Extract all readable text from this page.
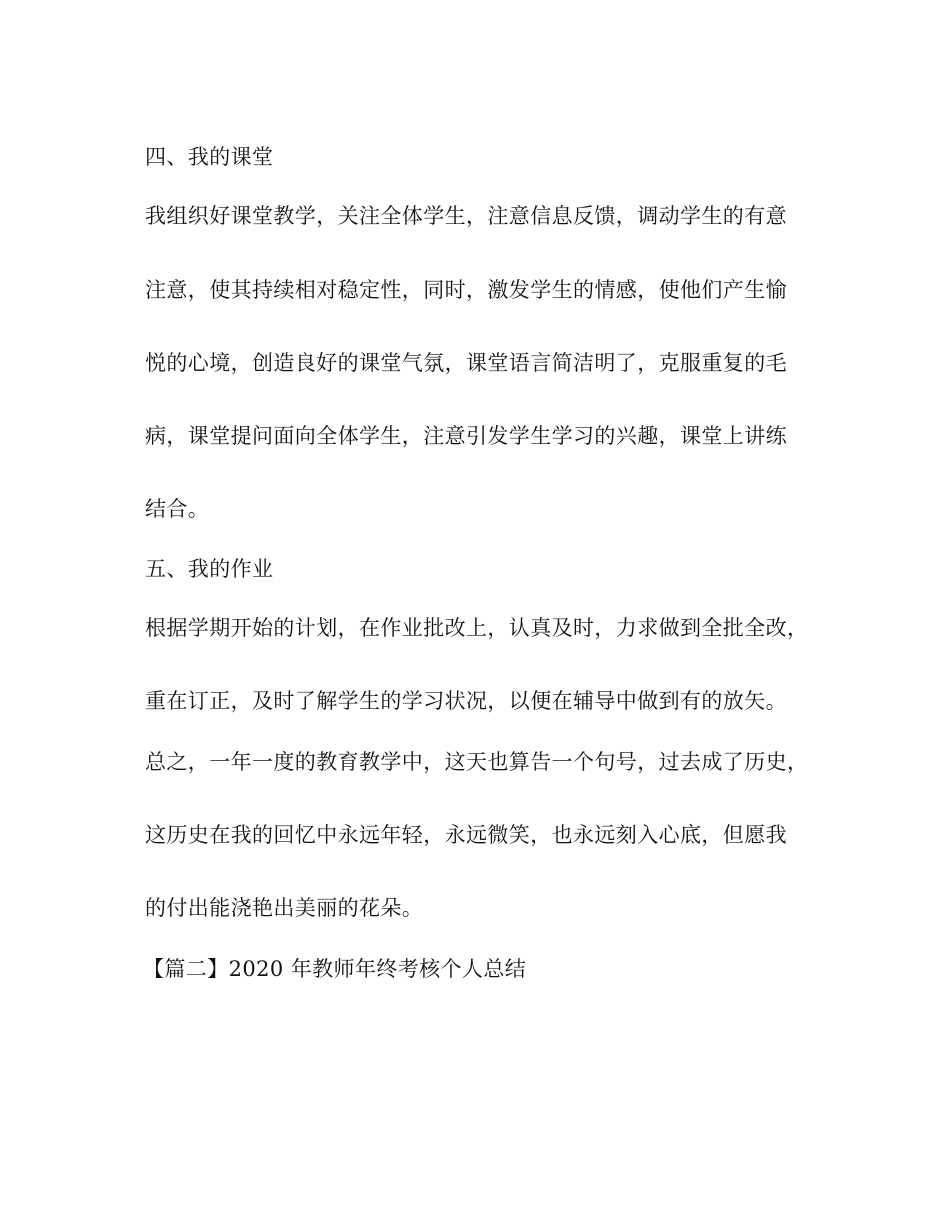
四、我的课堂
我组织好课堂教学，关注全体学生，注意信息反馈，调动学生的有意
注意，使其持续相对稳定性，同时，激发学生的情感，使他们产生愉
悦的心境，创造良好的课堂气氛，课堂语言简洁明了，克服重复的毛
病，课堂提问面向全体学生，注意引发学生学习的兴趣，课堂上讲练
结合。
五、我的作业
根据学期开始的计划，在作业批改上，认真及时，力求做到全批全改，
重在订正，及时了解学生的学习状况，以便在辅导中做到有的放矢。
总之，一年一度的教育教学中，这天也算告一个句号，过去成了历史，
这历史在我的回忆中永远年轻，永远微笑，也永远刻入心底，但愿我
的付出能浇艳出美丽的花朵。
【篇二】2020 年教师年终考核个人总结
